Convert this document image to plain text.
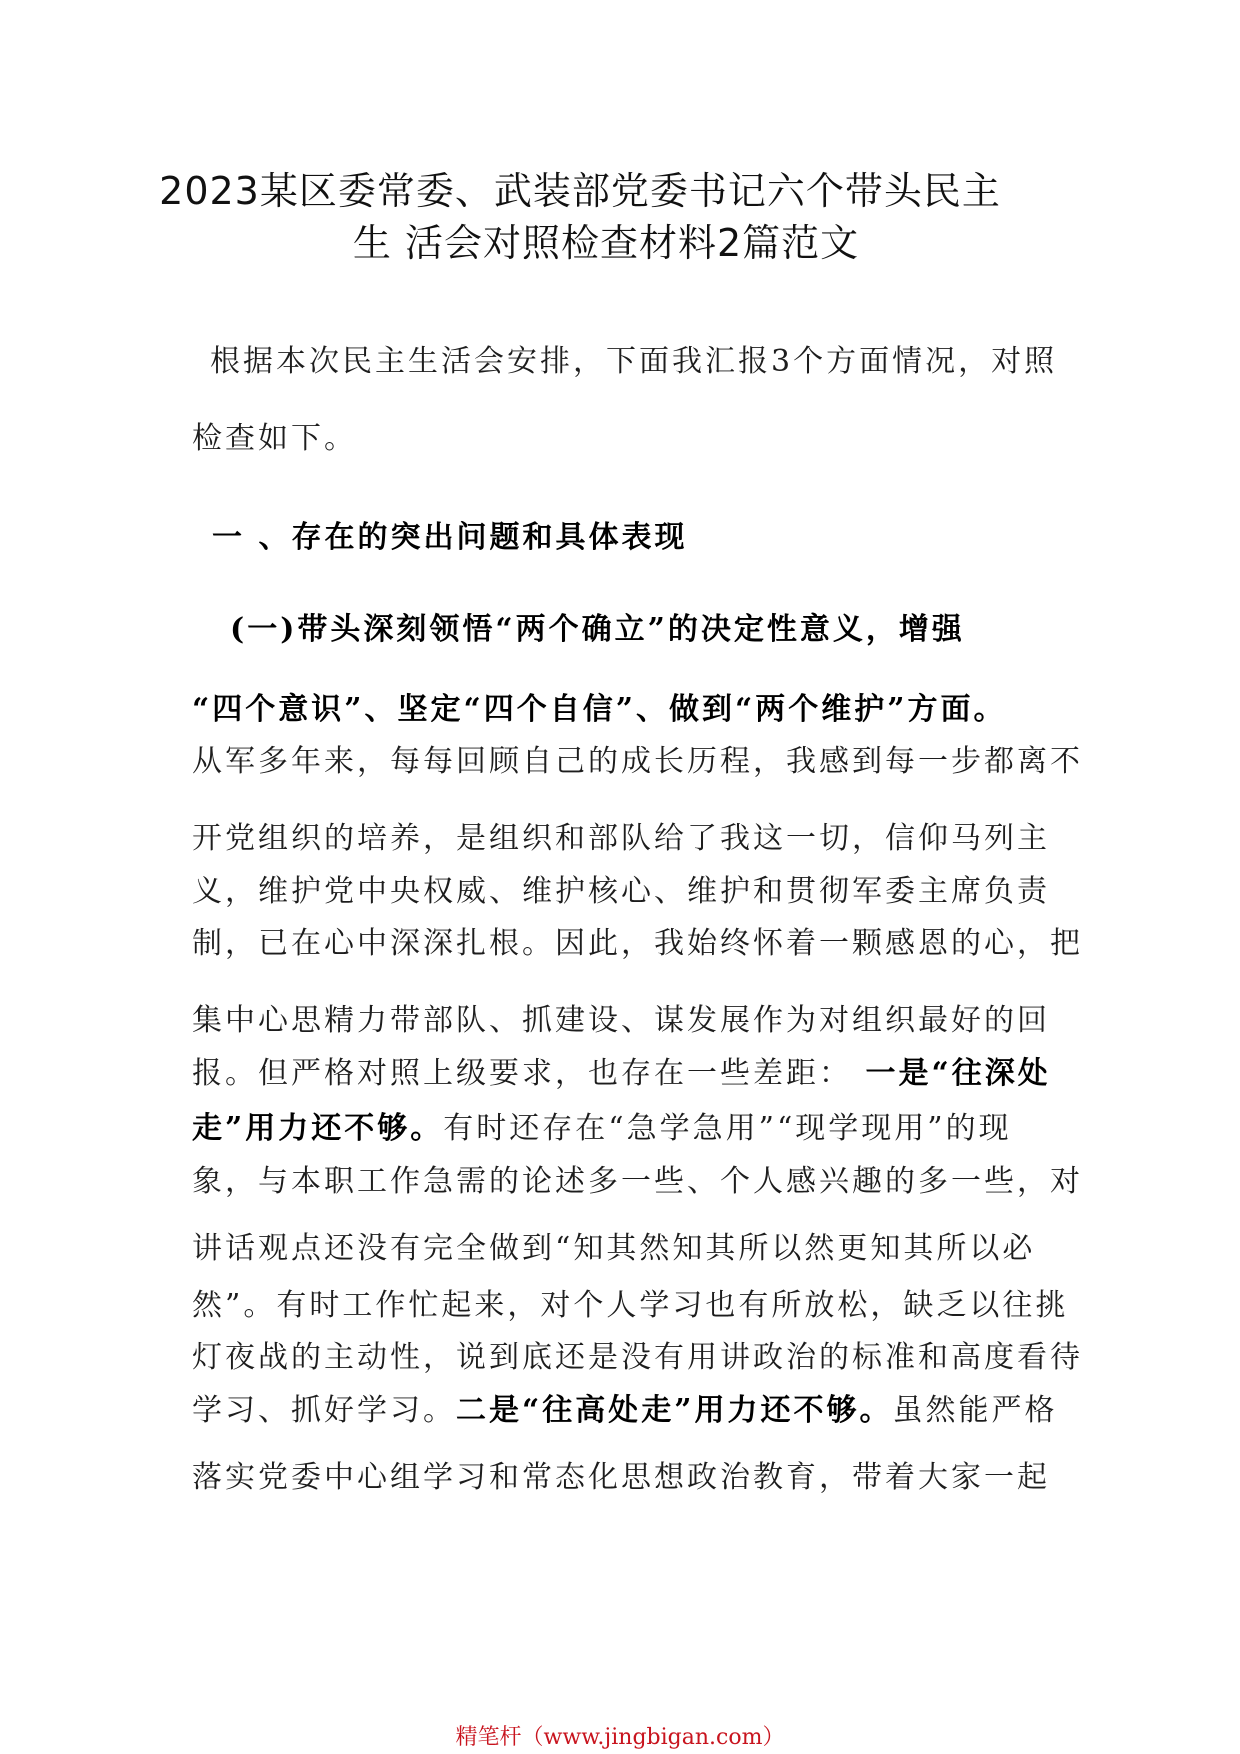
2023某区委常委、武装部党委书记六个带头民主
生 活会对照检查材料2篇范文
根据本次民主生活会安排，下面我汇报3个方面情况，对照
检查如下。
一 、存在的突出问题和具体表现
(一)带头深刻领悟“两个确立”的决定性意义，增强
“四个意识”、坚定“四个自信”、做到“两个维护”方面。
从军多年来，每每回顾自己的成长历程，我感到每一步都离不
开党组织的培养，是组织和部队给了我这一切，信仰马列主
义，维护党中央权威、维护核心、维护和贯彻军委主席负责
制，已在心中深深扎根。因此，我始终怀着一颗感恩的心，把
集中心思精力带部队、抓建设、谋发展作为对组织最好的回
报。但严格对照上级要求，也存在一些差距： 一是“往深处
走”用力还不够。有时还存在“急学急用”“现学现用”的现
象，与本职工作急需的论述多一些、个人感兴趣的多一些，对
讲话观点还没有完全做到“知其然知其所以然更知其所以必
然”。有时工作忙起来，对个人学习也有所放松，缺乏以往挑
灯夜战的主动性，说到底还是没有用讲政治的标准和高度看待
学习、抓好学习。二是“往高处走”用力还不够。虽然能严格
落实党委中心组学习和常态化思想政治教育，带着大家一起
精笔杆（www.jingbigan.com）
